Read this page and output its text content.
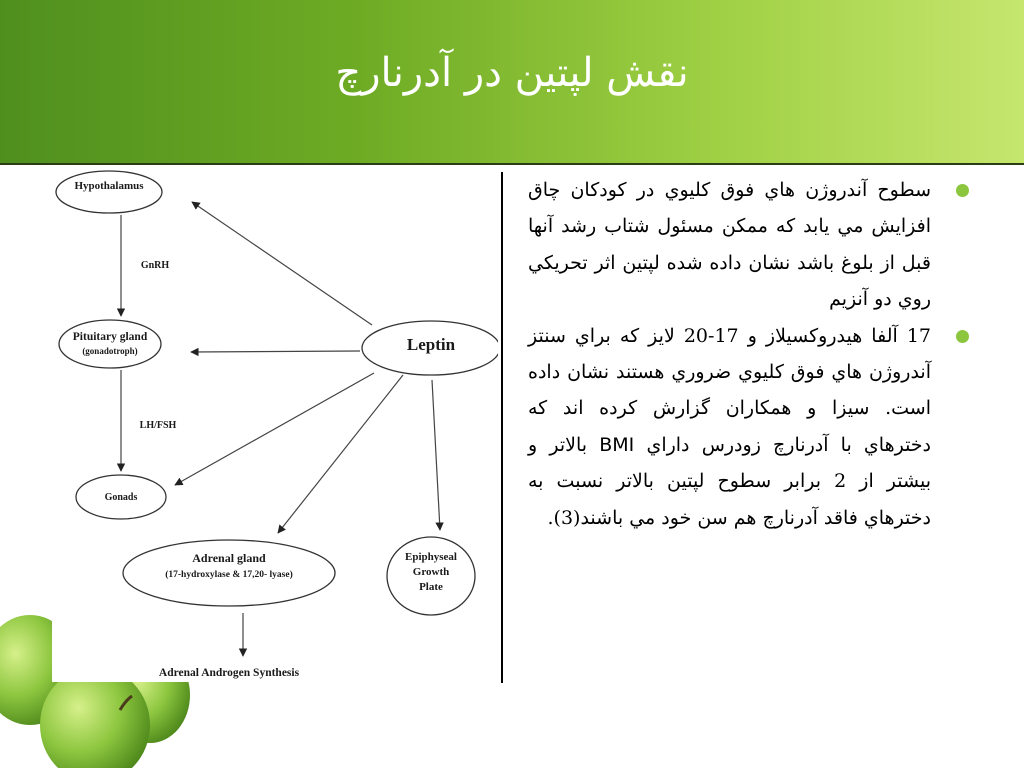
نقش لپتين در آدرنارچ
Hypothalamus
Pituitary gland
(gonadotroph)	Leptin
Gonads
Adrenal gland
(17-hydroxylase & 17,20- lyase)
Epiphyseal
Growth
Plate
Adrenal Androgen Synthesis
GnRH
LH/FSH
سطوح آندروژن هاي فوق كليوي در كودكان چاق افزايش مي يابد كه ممكن مسئول شتاب رشد آنها قبل از بلوغ باشد نشان داده شده لپتين اثر تحريكي روي دو آنزيم
17 آلفا هيدروكسيلاز و 17-20 لايز كه براي سنتز آندروژن هاي فوق كليوي ضروري هستند نشان داده است. سيزا و همكاران گزارش كرده اند كه دخترهاي با آدرنارچ زودرس داراي BMI بالاتر و بيشتر از 2 برابر سطوح لپتين بالاتر نسبت به دخترهاي فاقد آدرنارچ هم سن خود مي باشند(3).
